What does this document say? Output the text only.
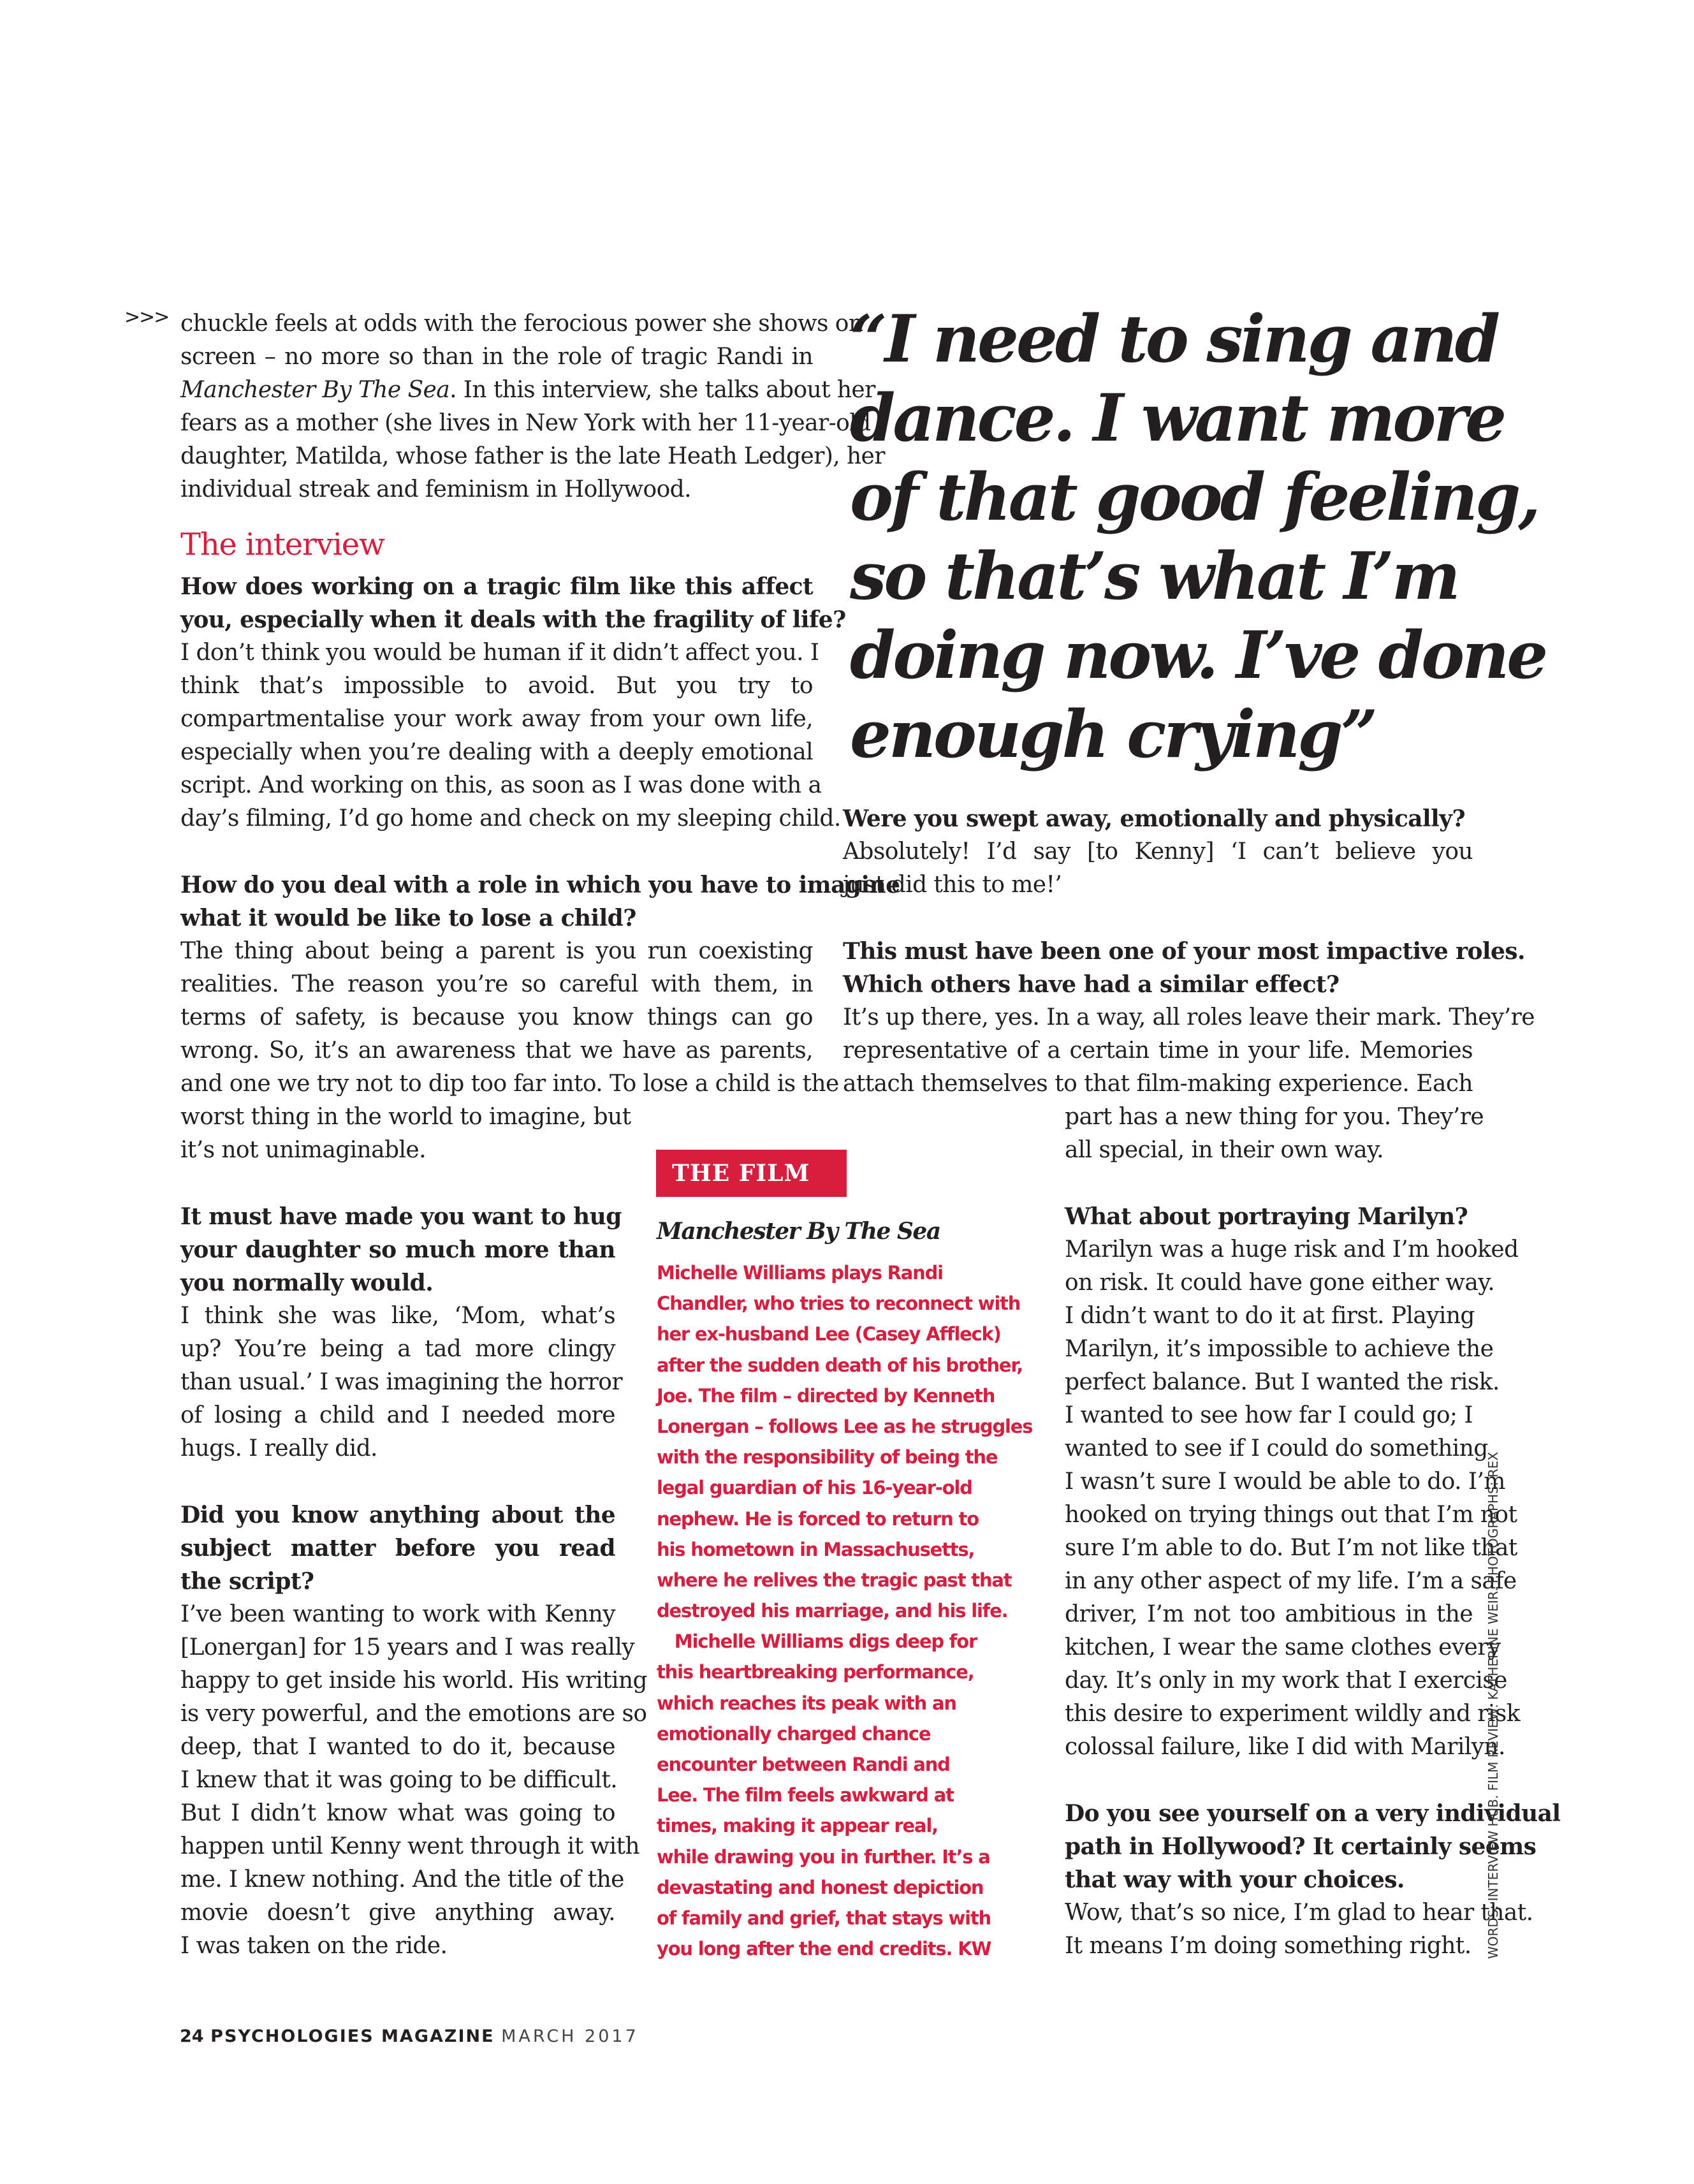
>>> chuckle feels at odds with the ferocious power she shows on
screen – no more so than in the role of tragic Randi in
Manchester By The Sea. In this interview, she talks about her
fears as a mother (she lives in New York with her 11-year-old
daughter, Matilda, whose father is the late Heath Ledger), her
individual streak and feminism in Hollywood.
The interview
How does working on a tragic film like this affect
you, especially when it deals with the fragility of life?
I don’t think you would be human if it didn’t affect you. I
think that’s impossible to avoid. But you try to
compartmentalise your work away from your own life,
especially when you’re dealing with a deeply emotional
script. And working on this, as soon as I was done with a
day’s filming, I’d go home and check on my sleeping child.
How do you deal with a role in which you have to imagine
what it would be like to lose a child?
The thing about being a parent is you run coexisting
realities. The reason you’re so careful with them, in
terms of safety, is because you know things can go
wrong. So, it’s an awareness that we have as parents,
and one we try not to dip too far into. To lose a child is the
worst thing in the world to imagine, but
it’s not unimaginable.
It must have made you want to hug
your daughter so much more than
you normally would.
I think she was like, ‘Mom, what’s
up? You’re being a tad more clingy
than usual.’ I was imagining the horror
of losing a child and I needed more
hugs. I really did.
Did you know anything about the
subject matter before you read
the script?
I’ve been wanting to work with Kenny
[Lonergan] for 15 years and I was really
happy to get inside his world. His writing
is very powerful, and the emotions are so
deep, that I wanted to do it, because
I knew that it was going to be difficult.
But I didn’t know what was going to
happen until Kenny went through it with
me. I knew nothing. And the title of the
movie doesn’t give anything away.
I was taken on the ride.
“I need to sing and
dance. I want more
of that good feeling,
so that’s what I’m
doing now. I’ve done
enough crying”
Were you swept away, emotionally and physically?
Absolutely! I’d say [to Kenny] ‘I can’t believe you
just did this to me!’
This must have been one of your most impactive roles.
Which others have had a similar effect?
It’s up there, yes. In a way, all roles leave their mark. They’re
representative of a certain time in your life. Memories
attach themselves to that film-making experience. Each
part has a new thing for you. They’re
all special, in their own way.
What about portraying Marilyn?
Marilyn was a huge risk and I’m hooked
on risk. It could have gone either way.
I didn’t want to do it at first. Playing
Marilyn, it’s impossible to achieve the
perfect balance. But I wanted the risk.
I wanted to see how far I could go; I
wanted to see if I could do something
I wasn’t sure I would be able to do. I’m
hooked on trying things out that I’m not
sure I’m able to do. But I’m not like that
in any other aspect of my life. I’m a safe
driver, I’m not too ambitious in the
kitchen, I wear the same clothes every
day. It’s only in my work that I exercise
this desire to experiment wildly and risk
colossal failure, like I did with Marilyn.
Do you see yourself on a very individual
path in Hollywood? It certainly seems
that way with your choices.
Wow, that’s so nice, I’m glad to hear that.
It means I’m doing something right.
THE FILM
Manchester By The Sea
Michelle Williams plays Randi
Chandler, who tries to reconnect with
her ex-husband Lee (Casey Affleck)
after the sudden death of his brother,
Joe. The film – directed by Kenneth
Lonergan – follows Lee as he struggles
with the responsibility of being the
legal guardian of his 16-year-old
nephew. He is forced to return to
his hometown in Massachusetts,
where he relives the tragic past that
destroyed his marriage, and his life.
 Michelle Williams digs deep for
this heartbreaking performance,
which reaches its peak with an
emotionally charged chance
encounter between Randi and
Lee. The film feels awkward at
times, making it appear real,
while drawing you in further. It’s a
devastating and honest depiction
of family and grief, that stays with
you long after the end credits. KW
24 PSYCHOLOGIES MAGAZINE MARCH 2017
WORDS: INTERVIEW HUB. FILM REVIEW: KATHERINE WEIR. PHOTOGRAPHS: REX
